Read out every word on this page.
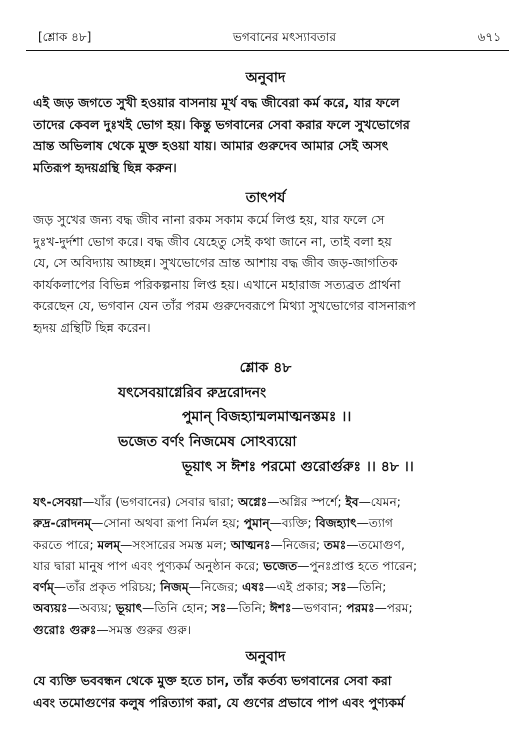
[শ্লোক ৪৮]	ভগবানের মৎস্যাবতার	৬৭১
অনুবাদ
এই জড় জগতে সুখী হওয়ার বাসনায় মূর্খ বদ্ধ জীবেরা কর্ম করে, যার ফলে
তাদের কেবল দুঃখই ভোগ হয়। কিন্তু ভগবানের সেবা করার ফলে সুখভোগের
ভ্রান্ত অভিলাষ থেকে মুক্ত হওয়া যায়। আমার গুরুদেব আমার সেই অসৎ
মতিরূপ হৃদয়গ্রন্থি ছিন্ন করুন।
তাৎপর্য
জড় সুখের জন্য বদ্ধ জীব নানা রকম সকাম কর্মে লিপ্ত হয়, যার ফলে সে
দুঃখ-দুর্দশা ভোগ করে। বদ্ধ জীব যেহেতু সেই কথা জানে না, তাই বলা হয়
যে, সে অবিদ্যায় আচ্ছন্ন। সুখভোগের ভ্রান্ত আশায় বদ্ধ জীব জড়-জাগতিক
কার্যকলাপের বিভিন্ন পরিকল্পনায় লিপ্ত হয়। এখানে মহারাজ সত্যব্রত প্রার্থনা
করেছেন যে, ভগবান যেন তাঁর পরম গুরুদেবরূপে মিথ্যা সুখভোগের বাসনারূপ
হৃদয় গ্রন্থিটি ছিন্ন করেন।
শ্লোক ৪৮
যৎসেবয়াগ্নেরিব রুদ্ররোদনং
পুমান্ বিজহ্যান্মলমাত্মনস্তমঃ ।।
ভজেত বর্ণং নিজমেষ সোঽব্যয়ো
ভূয়াৎ স ঈশঃ পরমো গুরোর্গুরুঃ ।। ৪৮ ।।
যৎ-সেবয়া—যাঁর (ভগবানের) সেবার দ্বারা; অগ্নেঃ—অগ্নির স্পর্শে; ইব—যেমন;
রুদ্র-রোদনম্—সোনা অথবা রূপা নির্মল হয়; পুমান্—ব্যক্তি; বিজহ্যাৎ—ত্যাগ
করতে পারে; মলম্—সংসারের সমস্ত মল; আত্মনঃ—নিজের; তমঃ—তমোগুণ,
যার দ্বারা মানুষ পাপ এবং পুণ্যকর্ম অনুষ্ঠান করে; ভজেত—পুনঃপ্রাপ্ত হতে পারেন;
বর্ণম্—তাঁর প্রকৃত পরিচয়; নিজম্—নিজের; এষঃ—এই প্রকার; সঃ—তিনি;
অব্যয়ঃ—অব্যয়; ভূয়াৎ—তিনি হোন; সঃ—তিনি; ঈশঃ—ভগবান; পরমঃ—পরম;
গুরোঃ গুরুঃ—সমস্ত গুরুর গুরু।
অনুবাদ
যে ব্যক্তি ভববন্ধন থেকে মুক্ত হতে চান, তাঁর কর্তব্য ভগবানের সেবা করা
এবং তমোগুণের কলুষ পরিত্যাগ করা, যে গুণের প্রভাবে পাপ এবং পুণ্যকর্ম
